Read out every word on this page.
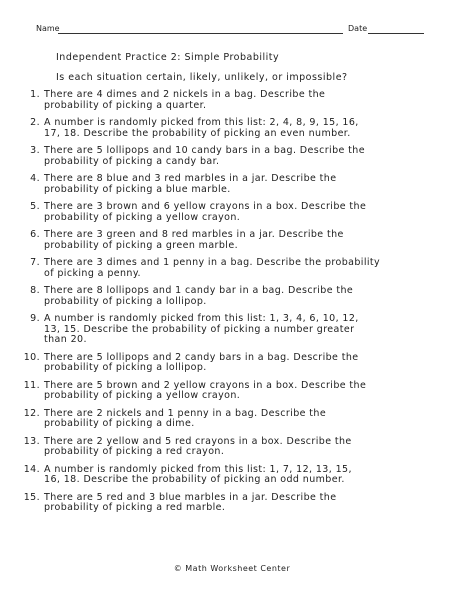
Name	Date
Independent Practice 2: Simple Probability
Is each situation certain, likely, unlikely, or impossible?
1. There are 4 dimes and 2 nickels in a bag. Describe the
probability of picking a quarter.
2. A number is randomly picked from this list: 2, 4, 8, 9, 15, 16,
17, 18. Describe the probability of picking an even number.
3. There are 5 lollipops and 10 candy bars in a bag. Describe the
probability of picking a candy bar.
4. There are 8 blue and 3 red marbles in a jar. Describe the
probability of picking a blue marble.
5. There are 3 brown and 6 yellow crayons in a box. Describe the
probability of picking a yellow crayon.
6. There are 3 green and 8 red marbles in a jar. Describe the
probability of picking a green marble.
7. There are 3 dimes and 1 penny in a bag. Describe the probability
of picking a penny.
8. There are 8 lollipops and 1 candy bar in a bag. Describe the
probability of picking a lollipop.
9. A number is randomly picked from this list: 1, 3, 4, 6, 10, 12,
13, 15. Describe the probability of picking a number greater
than 20.
10. There are 5 lollipops and 2 candy bars in a bag. Describe the
probability of picking a lollipop.
11. There are 5 brown and 2 yellow crayons in a box. Describe the
probability of picking a yellow crayon.
12. There are 2 nickels and 1 penny in a bag. Describe the
probability of picking a dime.
13. There are 2 yellow and 5 red crayons in a box. Describe the
probability of picking a red crayon.
14. A number is randomly picked from this list: 1, 7, 12, 13, 15,
16, 18. Describe the probability of picking an odd number.
15. There are 5 red and 3 blue marbles in a jar. Describe the
probability of picking a red marble.
© Math Worksheet Center
